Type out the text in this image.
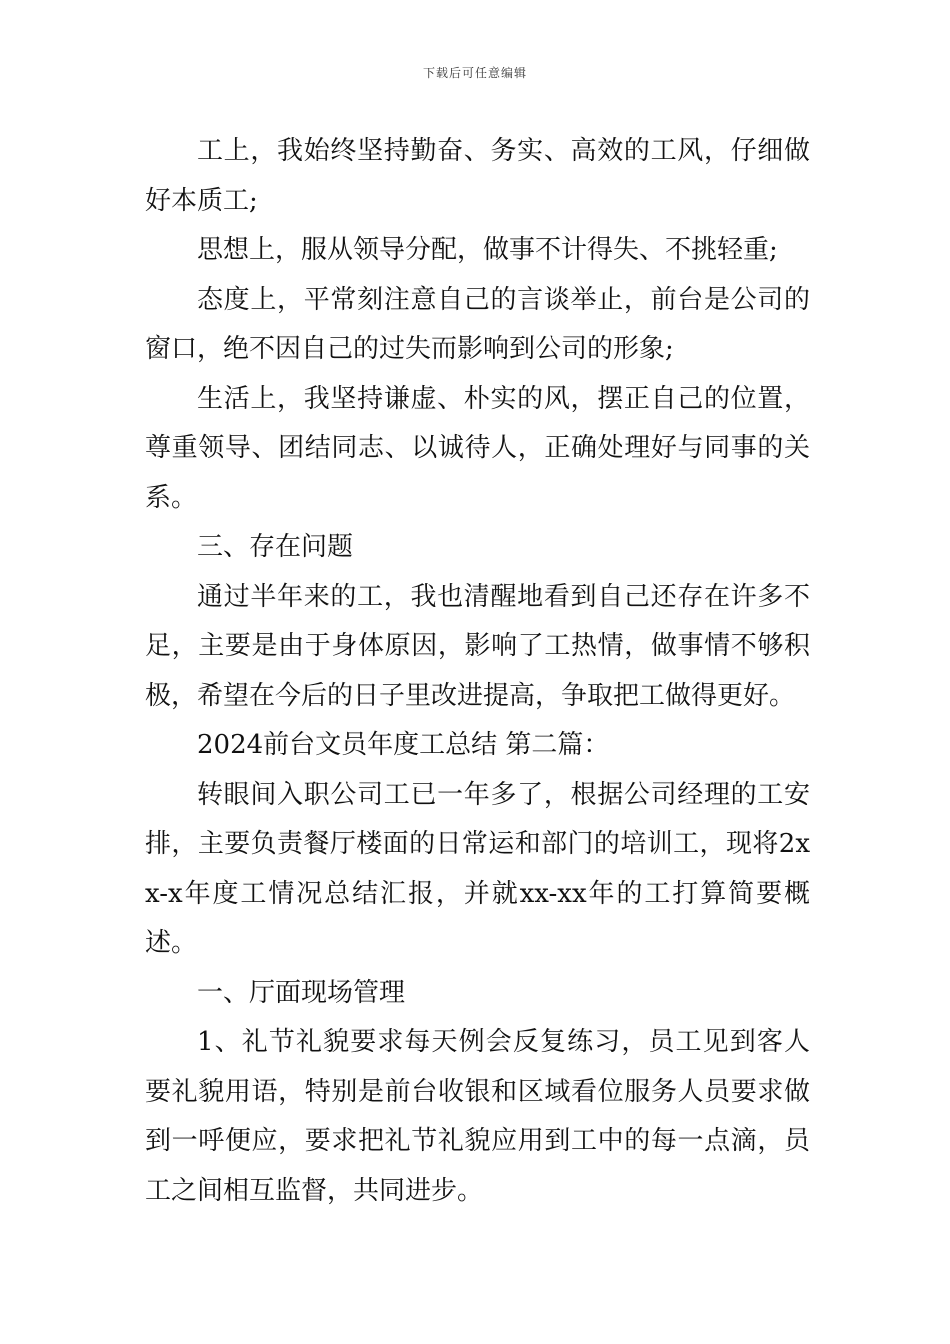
下载后可任意编辑

工上，我始终坚持勤奋、务实、高效的工风，仔细做好本质工;

思想上，服从领导分配，做事不计得失、不挑轻重;

态度上，平常刻注意自己的言谈举止，前台是公司的窗口，绝不因自己的过失而影响到公司的形象;

生活上，我坚持谦虚、朴实的风，摆正自己的位置，尊重领导、团结同志、以诚待人，正确处理好与同事的关系。

三、存在问题

通过半年来的工，我也清醒地看到自己还存在许多不足，主要是由于身体原因，影响了工热情，做事情不够积极，希望在今后的日子里改进提高，争取把工做得更好。

2024前台文员年度工总结 第二篇：

转眼间入职公司工已一年多了，根据公司经理的工安排，主要负责餐厅楼面的日常运和部门的培训工，现将2xx-x年度工情况总结汇报，并就xx-xx年的工打算简要概述。

一、厅面现场管理

1、礼节礼貌要求每天例会反复练习，员工见到客人要礼貌用语，特别是前台收银和区域看位服务人员要求做到一呼便应，要求把礼节礼貌应用到工中的每一点滴，员工之间相互监督，共同进步。
